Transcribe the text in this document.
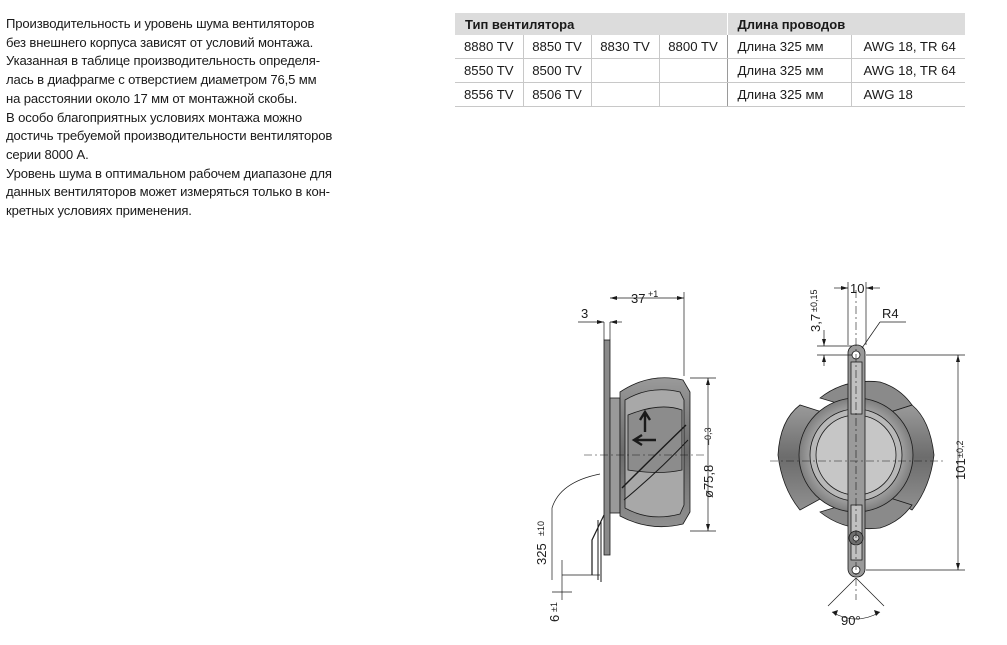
Производительность и уровень шума вентиляторов
без внешнего корпуса зависят от условий монтажа.
Указанная в таблице производительность определя-
лась в диафрагме с отверстием диаметром 76,5 мм
на расстоянии около 17 мм от монтажной скобы.
В особо благоприятных условиях монтажа можно
достичь требуемой производительности вентиляторов
серии 8000 А.
Уровень шума в оптимальном рабочем диапазоне для
данных вентиляторов может измеряться только в кон-
кретных условиях применения.
Тип вентилятора				Длина проводов	
8880 TV	8850 TV	8830 TV	8800 TV	Длина 325 мм	AWG 18, TR 64
8550 TV	8500 TV			Длина 325 мм	AWG 18, TR 64
8556 TV	8506 TV			Длина 325 мм	AWG 18
3
37 +1
ø75,8
–0,3
325
±10
6
±1
10
R4
3,7
±0,15
101
±0,2
90°
